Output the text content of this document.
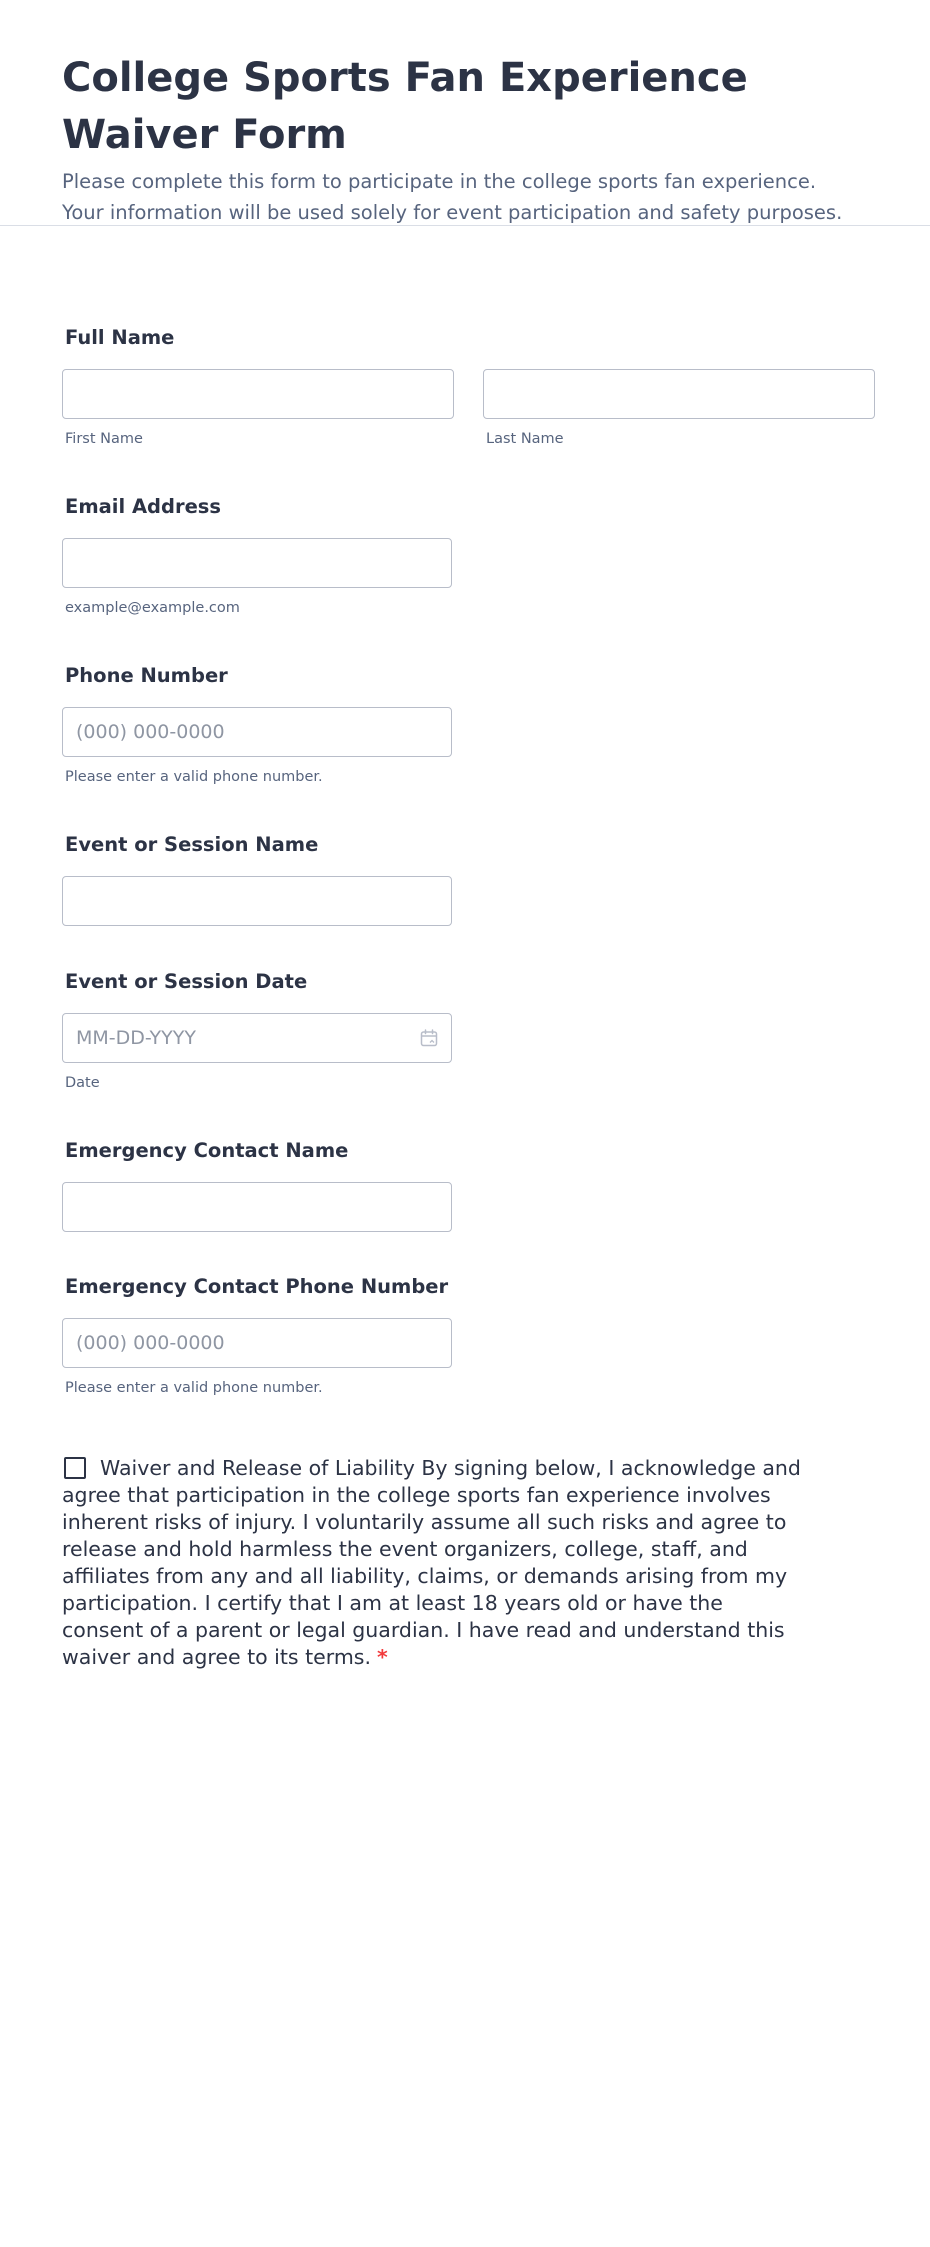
College Sports Fan Experience Waiver Form

Please complete this form to participate in the college sports fan experience. Your information will be used solely for event participation and safety purposes.

Full Name
First Name	Last Name
Email Address
example@example.com
Phone Number
(000) 000-0000
Please enter a valid phone number.
Event or Session Name
Event or Session Date
MM-DD-YYYY
Date
Emergency Contact Name
Emergency Contact Phone Number
(000) 000-0000
Please enter a valid phone number.

Waiver and Release of Liability By signing below, I acknowledge and agree that participation in the college sports fan experience involves inherent risks of injury. I voluntarily assume all such risks and agree to release and hold harmless the event organizers, college, staff, and affiliates from any and all liability, claims, or demands arising from my participation. I certify that I am at least 18 years old or have the consent of a parent or legal guardian. I have read and understand this waiver and agree to its terms. *
